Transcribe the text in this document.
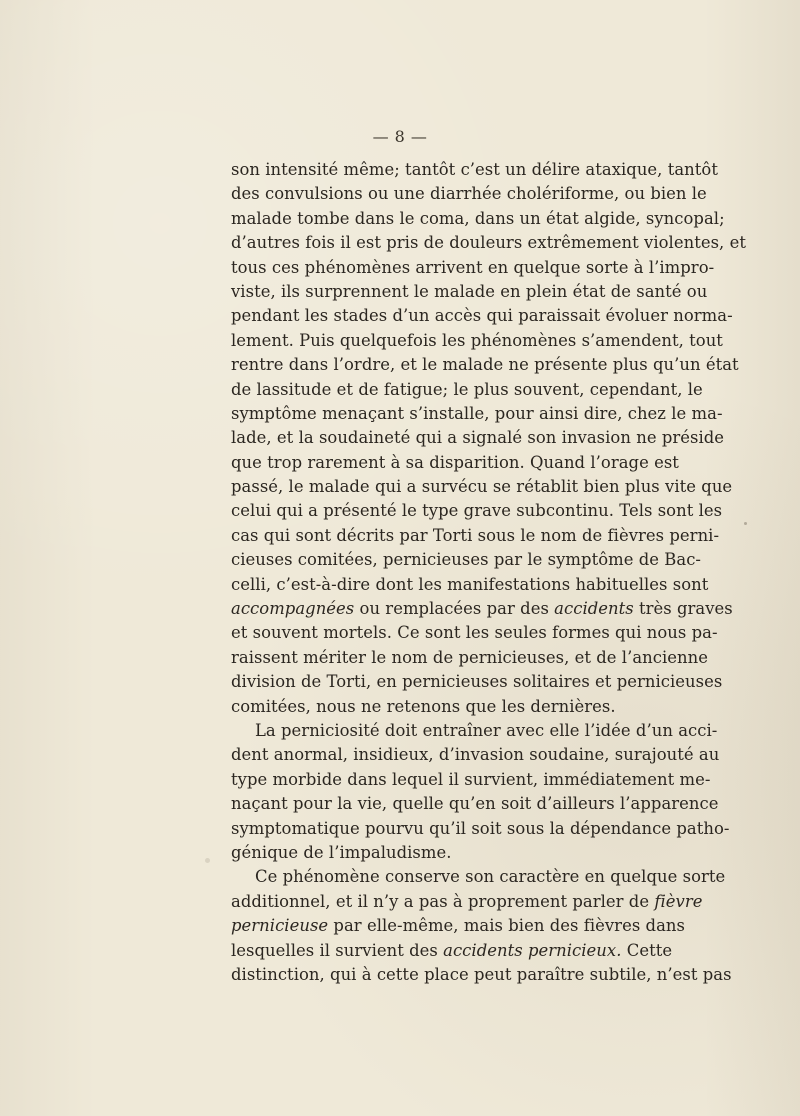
— 8 —
son intensité même; tantôt c’est un délire ataxique, tantôt
des convulsions ou une diarrhée cholériforme, ou bien le
malade tombe dans le coma, dans un état algide, syncopal;
d’autres fois il est pris de douleurs extrêmement violentes, et
tous ces phénomènes arrivent en quelque sorte à l’impro-
viste, ils surprennent le malade en plein état de santé ou
pendant les stades d’un accès qui paraissait évoluer norma-
lement. Puis quelquefois les phénomènes s’amendent, tout
rentre dans l’ordre, et le malade ne présente plus qu’un état
de lassitude et de fatigue; le plus souvent, cependant, le
symptôme menaçant s’installe, pour ainsi dire, chez le ma-
lade, et la soudaineté qui a signalé son invasion ne préside
que trop rarement à sa disparition. Quand l’orage est
passé, le malade qui a survécu se rétablit bien plus vite que
celui qui a présenté le type grave subcontinu. Tels sont les
cas qui sont décrits par Torti sous le nom de fièvres perni-
cieuses comitées, pernicieuses par le symptôme de Bac-
celli, c’est-à-dire dont les manifestations habituelles sont
accompagnées ou remplacées par des accidents très graves
et souvent mortels. Ce sont les seules formes qui nous pa-
raissent mériter le nom de pernicieuses, et de l’ancienne
division de Torti, en pernicieuses solitaires et pernicieuses
comitées, nous ne retenons que les dernières.
La perniciosité doit entraîner avec elle l’idée d’un acci-
dent anormal, insidieux, d’invasion soudaine, surajouté au
type morbide dans lequel il survient, immédiatement me-
naçant pour la vie, quelle qu’en soit d’ailleurs l’apparence
symptomatique pourvu qu’il soit sous la dépendance patho-
génique de l’impaludisme.
Ce phénomène conserve son caractère en quelque sorte
additionnel, et il n’y a pas à proprement parler de fièvre
pernicieuse par elle-même, mais bien des fièvres dans
lesquelles il survient des accidents pernicieux. Cette
distinction, qui à cette place peut paraître subtile, n’est pas
